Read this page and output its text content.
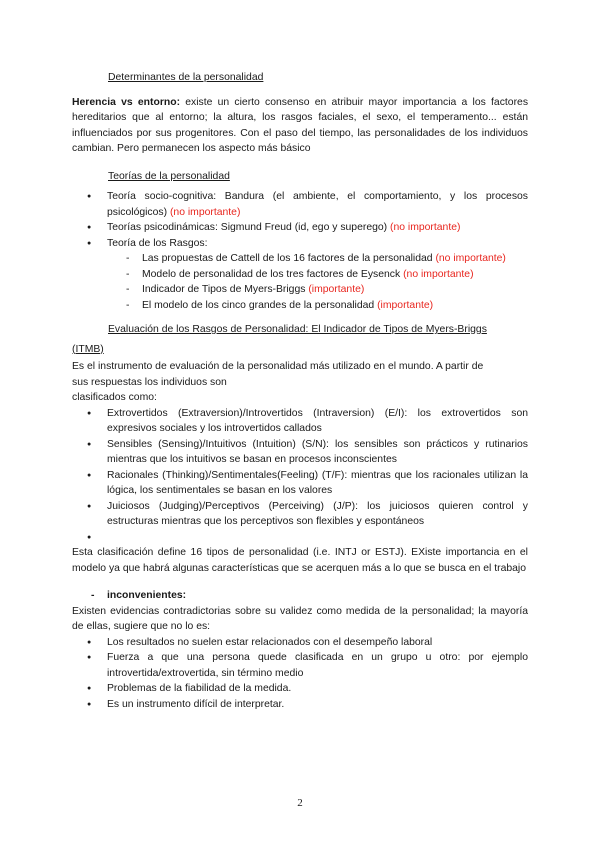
Determinantes de la personalidad
Herencia vs entorno: existe un cierto consenso en atribuir mayor importancia a los factores hereditarios que al entorno; la altura, los rasgos faciales, el sexo, el temperamento... están influenciados por sus progenitores. Con el paso del tiempo, las personalidades de los individuos cambian. Pero permanecen los aspecto más básico
Teorías de la personalidad
● Teoría socio-cognitiva: Bandura (el ambiente, el comportamiento, y los procesos psicológicos) (no importante)
● Teorías psicodinámicas: Sigmund Freud (id, ego y superego) (no importante)
● Teoría de los Rasgos:
- Las propuestas de Cattell de los 16 factores de la personalidad (no importante)
- Modelo de personalidad de los tres factores de Eysenck (no importante)
- Indicador de Tipos de Myers-Briggs (importante)
- El modelo de los cinco grandes de la personalidad (importante)
Evaluación de los Rasgos de Personalidad: El Indicador de Tipos de Myers-Briggs
(ITMB)
Es el instrumento de evaluación de la personalidad más utilizado en el mundo. A partir de
sus respuestas los individuos son
clasificados como:
● Extrovertidos (Extraversion)/Introvertidos (Intraversion) (E/I): los extrovertidos son expresivos sociales y los introvertidos callados
● Sensibles (Sensing)/Intuitivos (Intuition) (S/N): los sensibles son prácticos y rutinarios mientras que los intuitivos se basan en procesos inconscientes
● Racionales (Thinking)/Sentimentales(Feeling) (T/F): mientras que los racionales utilizan la lógica, los sentimentales se basan en los valores
● Juiciosos (Judging)/Perceptivos (Perceiving) (J/P): los juiciosos quieren control y estructuras mientras que los perceptivos son flexibles y espontáneos
●
Esta clasificación define 16 tipos de personalidad (i.e. INTJ or ESTJ). EXiste importancia en el modelo ya que habrá algunas características que se acerquen más a lo que se busca en el trabajo
- inconvenientes:
Existen evidencias contradictorias sobre su validez como medida de la personalidad; la mayoría de ellas, sugiere que no lo es:
● Los resultados no suelen estar relacionados con el desempeño laboral
● Fuerza a que una persona quede clasificada en un grupo u otro: por ejemplo introvertida/extrovertida, sin término medio
● Problemas de la fiabilidad de la medida.
● Es un instrumento difícil de interpretar.
2
